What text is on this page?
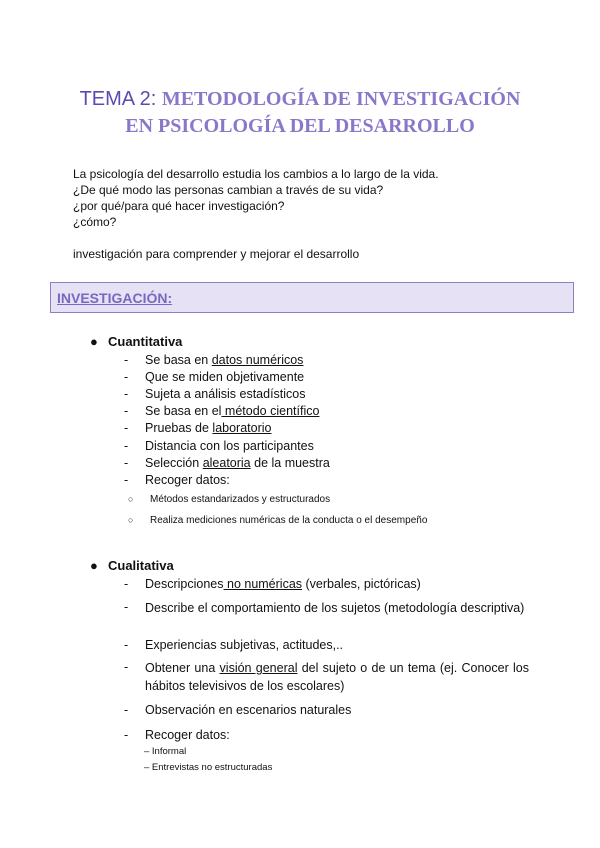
TEMA 2: METODOLOGÍA DE INVESTIGACIÓN
EN PSICOLOGÍA DEL DESARROLLO
La psicología del desarrollo estudia los cambios a lo largo de la vida.
¿De qué modo las personas cambian a través de su vida?
¿por qué/para qué hacer investigación?
¿cómo?
investigación para comprender y mejorar el desarrollo
INVESTIGACIÓN:
● Cuantitativa
- Se basa en datos numéricos
- Que se miden objetivamente
- Sujeta a análisis estadísticos
- Se basa en el método científico
- Pruebas de laboratorio
- Distancia con los participantes
- Selección aleatoria de la muestra
- Recoger datos:
○ Métodos estandarizados y estructurados
○ Realiza mediciones numéricas de la conducta o el desempeño
● Cualitativa
- Descripciones no numéricas (verbales, pictóricas)
- Describe el comportamiento de los sujetos (metodología descriptiva)
- Experiencias subjetivas, actitudes,..
- Obtener una visión general del sujeto o de un tema (ej. Conocer los hábitos televisivos de los escolares)
- Observación en escenarios naturales
- Recoger datos:
– Informal
– Entrevistas no estructuradas
